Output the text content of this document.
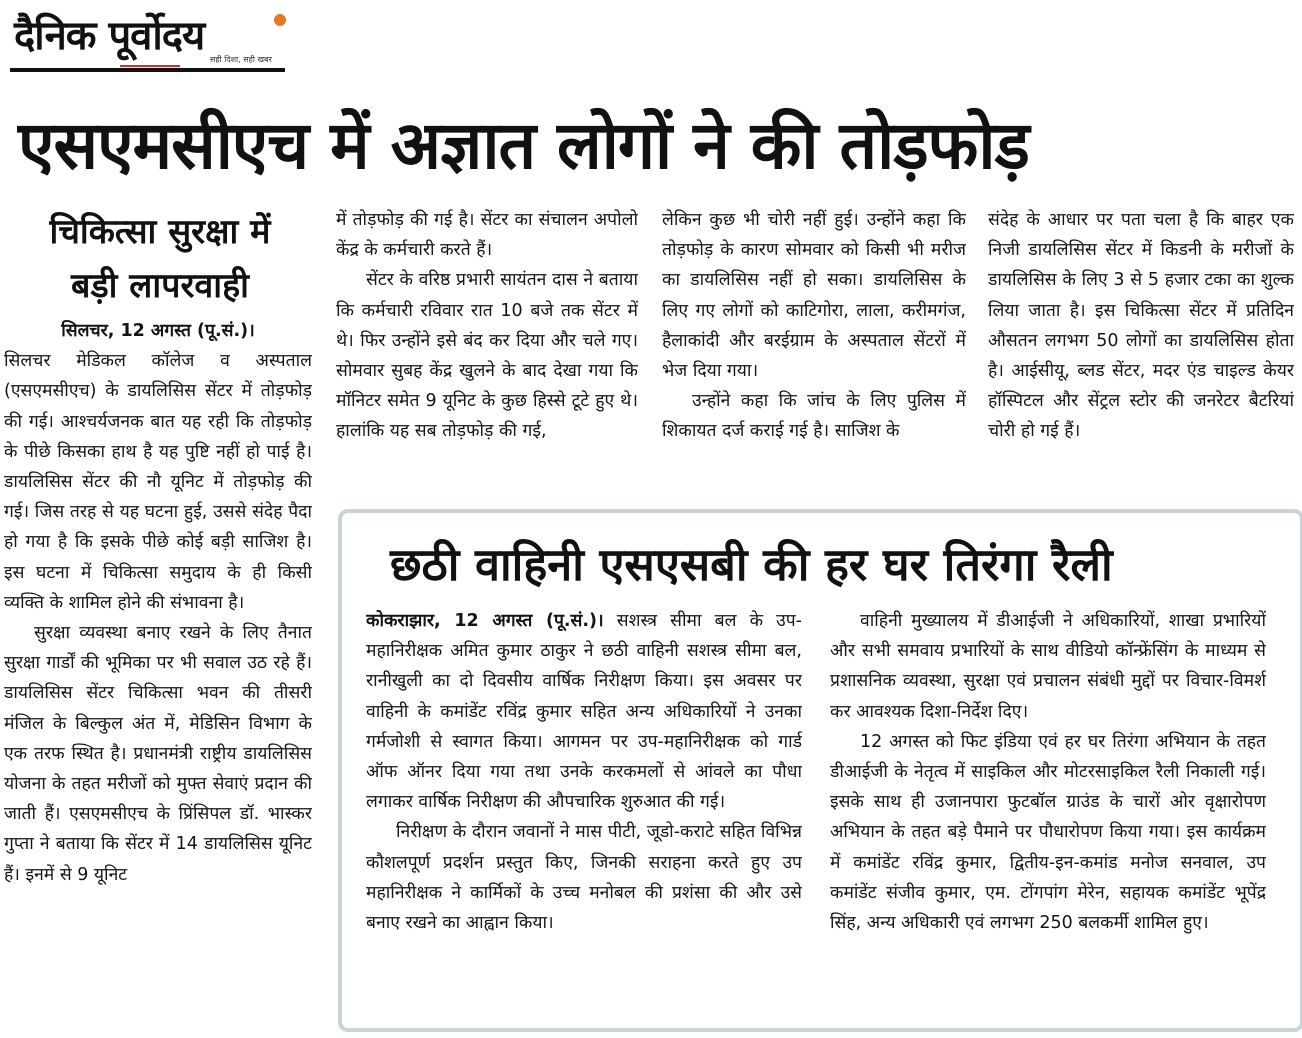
दैनिक पूर्वोदय
सही दिशा, सही खबर
एसएमसीएच में अज्ञात लोगों ने की तोड़फोड़
चिकित्सा सुरक्षा में
बड़ी लापरवाही

सिलचर, 12 अगस्त (पू.सं.)।

सिलचर मेडिकल कॉलेज व अस्पताल (एसएमसीएच) के डायलिसिस सेंटर में तोड़फोड़ की गई। आश्चर्यजनक बात यह रही कि तोड़फोड़ के पीछे किसका हाथ है यह पुष्टि नहीं हो पाई है। डायलिसिस सेंटर की नौ यूनिट में तोड़फोड़ की गई। जिस तरह से यह घटना हुई, उससे संदेह पैदा हो गया है कि इसके पीछे कोई बड़ी साजिश है। इस घटना में चिकित्सा समुदाय के ही किसी व्यक्ति के शामिल होने की संभावना है।

सुरक्षा व्यवस्था बनाए रखने के लिए तैनात सुरक्षा गार्डों की भूमिका पर भी सवाल उठ रहे हैं। डायलिसिस सेंटर चिकित्सा भवन की तीसरी मंजिल के बिल्कुल अंत में, मेडिसिन विभाग के एक तरफ स्थित है। प्रधानमंत्री राष्ट्रीय डायलिसिस योजना के तहत मरीजों को मुफ्त सेवाएं प्रदान की जाती हैं। एसएमसीएच के प्रिंसिपल डॉ. भास्कर गुप्ता ने बताया कि सेंटर में 14 डायलिसिस यूनिट हैं। इनमें से 9 यूनिट

में तोड़फोड़ की गई है। सेंटर का संचालन अपोलो केंद्र के कर्मचारी करते हैं।

सेंटर के वरिष्ठ प्रभारी सायंतन दास ने बताया कि कर्मचारी रविवार रात 10 बजे तक सेंटर में थे। फिर उन्होंने इसे बंद कर दिया और चले गए। सोमवार सुबह केंद्र खुलने के बाद देखा गया कि मॉनिटर समेत 9 यूनिट के कुछ हिस्से टूटे हुए थे। हालांकि यह सब तोड़फोड़ की गई,

लेकिन कुछ भी चोरी नहीं हुई। उन्होंने कहा कि तोड़फोड़ के कारण सोमवार को किसी भी मरीज का डायलिसिस नहीं हो सका। डायलिसिस के लिए गए लोगों को काटिगोरा, लाला, करीमगंज, हैलाकांदी और बरईग्राम के अस्पताल सेंटरों में भेज दिया गया।

उन्होंने कहा कि जांच के लिए पुलिस में शिकायत दर्ज कराई गई है। साजिश के

संदेह के आधार पर पता चला है कि बाहर एक निजी डायलिसिस सेंटर में किडनी के मरीजों के डायलिसिस के लिए 3 से 5 हजार टका का शुल्क लिया जाता है। इस चिकित्सा सेंटर में प्रतिदिन औसतन लगभग 50 लोगों का डायलिसिस होता है। आईसीयू, ब्लड सेंटर, मदर एंड चाइल्ड केयर हॉस्पिटल और सेंट्रल स्टोर की जनरेटर बैटरियां चोरी हो गई हैं।

छठी वाहिनी एसएसबी की हर घर तिरंगा रैली

कोकराझार, 12 अगस्त (पू.सं.)। सशस्त्र सीमा बल के उप-महानिरीक्षक अमित कुमार ठाकुर ने छठी वाहिनी सशस्त्र सीमा बल, रानीखुली का दो दिवसीय वार्षिक निरीक्षण किया। इस अवसर पर वाहिनी के कमांडेंट रविंद्र कुमार सहित अन्य अधिकारियों ने उनका गर्मजोशी से स्वागत किया। आगमन पर उप-महानिरीक्षक को गार्ड ऑफ ऑनर दिया गया तथा उनके करकमलों से आंवले का पौधा लगाकर वार्षिक निरीक्षण की औपचारिक शुरुआत की गई।

निरीक्षण के दौरान जवानों ने मास पीटी, जूडो-कराटे सहित विभिन्न कौशलपूर्ण प्रदर्शन प्रस्तुत किए, जिनकी सराहना करते हुए उप महानिरीक्षक ने कार्मिकों के उच्च मनोबल की प्रशंसा की और उसे बनाए रखने का आह्वान किया।

वाहिनी मुख्यालय में डीआईजी ने अधिकारियों, शाखा प्रभारियों और सभी समवाय प्रभारियों के साथ वीडियो कॉन्फ्रेंसिंग के माध्यम से प्रशासनिक व्यवस्था, सुरक्षा एवं प्रचालन संबंधी मुद्दों पर विचार-विमर्श कर आवश्यक दिशा-निर्देश दिए।

12 अगस्त को फिट इंडिया एवं हर घर तिरंगा अभियान के तहत डीआईजी के नेतृत्व में साइकिल और मोटरसाइकिल रैली निकाली गई। इसके साथ ही उजानपारा फुटबॉल ग्राउंड के चारों ओर वृक्षारोपण अभियान के तहत बड़े पैमाने पर पौधारोपण किया गया। इस कार्यक्रम में कमांडेंट रविंद्र कुमार, द्वितीय-इन-कमांड मनोज सनवाल, उप कमांडेंट संजीव कुमार, एम. टोंगपांग मेरेन, सहायक कमांडेंट भूपेंद्र सिंह, अन्य अधिकारी एवं लगभग 250 बलकर्मी शामिल हुए।
